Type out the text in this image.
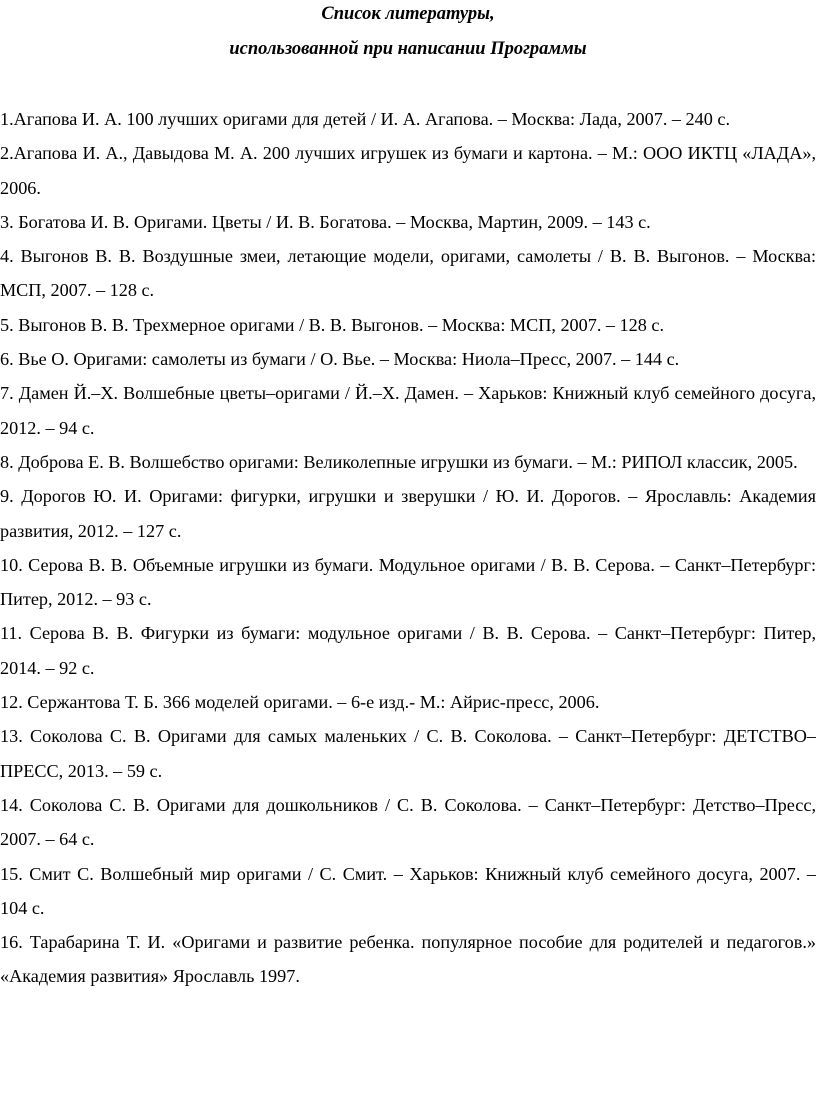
Список литературы,
использованной при написании Программы
1.Агапова И. А. 100 лучших оригами для детей / И. А. Агапова. – Москва: Лада, 2007. – 240 с.
2.Агапова И. А., Давыдова М. А. 200 лучших игрушек из бумаги и картона. – М.: ООО ИКТЦ «ЛАДА», 2006.
3. Богатова И. В. Оригами. Цветы / И. В. Богатова. – Москва, Мартин, 2009. – 143 с.
4. Выгонов В. В. Воздушные змеи, летающие модели, оригами, самолеты / В. В. Выгонов. – Москва: МСП, 2007. – 128 с.
5. Выгонов В. В. Трехмерное оригами / В. В. Выгонов. – Москва: МСП, 2007. – 128 с.
6. Вье О. Оригами: самолеты из бумаги / О. Вье. – Москва: Ниола–Пресс, 2007. – 144 с.
7. Дамен Й.–Х. Волшебные цветы–оригами / Й.–Х. Дамен. – Харьков: Книжный клуб семейного досуга, 2012. – 94 с.
8. Доброва Е. В. Волшебство оригами: Великолепные игрушки из бумаги. – М.: РИПОЛ классик, 2005.
9. Дорогов Ю. И. Оригами: фигурки, игрушки и зверушки / Ю. И. Дорогов. – Ярославль: Академия развития, 2012. – 127 с.
10. Серова В. В. Объемные игрушки из бумаги. Модульное оригами / В. В. Серова. – Санкт–Петербург: Питер, 2012. – 93 с.
11. Серова В. В. Фигурки из бумаги: модульное оригами / В. В. Серова. – Санкт–Петербург: Питер, 2014. – 92 с.
12. Сержантова Т. Б. 366 моделей оригами. – 6-е изд.- М.: Айрис-пресс, 2006.
13. Соколова С. В. Оригами для самых маленьких / С. В. Соколова. – Санкт–Петербург: ДЕТСТВО–ПРЕСС, 2013. – 59 с.
14. Соколова С. В. Оригами для дошкольников / С. В. Соколова. – Санкт–Петербург: Детство–Пресс, 2007. – 64 с.
15. Смит С. Волшебный мир оригами / С. Смит. – Харьков: Книжный клуб семейного досуга, 2007. – 104 с.
16. Тарабарина Т. И. «Оригами и развитие ребенка. популярное пособие для родителей и педагогов.» «Академия развития» Ярославль 1997.
